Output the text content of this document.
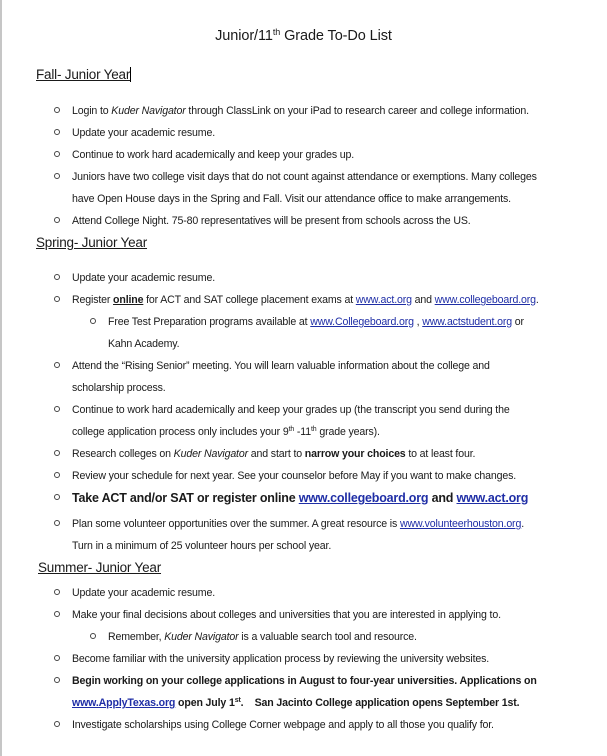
Junior/11th Grade To-Do List
Fall- Junior Year
Login to Kuder Navigator through ClassLink on your iPad to research career and college information.
Update your academic resume.
Continue to work hard academically and keep your grades up.
Juniors have two college visit days that do not count against attendance or exemptions. Many colleges
have Open House days in the Spring and Fall. Visit our attendance office to make arrangements.
Attend College Night. 75-80 representatives will be present from schools across the US.
Spring- Junior Year
Update your academic resume.
Register online for ACT and SAT college placement exams at www.act.org and www.collegeboard.org.
Free Test Preparation programs available at www.Collegeboard.org , www.actstudent.org or
Kahn Academy.
Attend the “Rising Senior” meeting. You will learn valuable information about the college and
scholarship process.
Continue to work hard academically and keep your grades up (the transcript you send during the
college application process only includes your 9th -11th grade years).
Research colleges on Kuder Navigator and start to narrow your choices to at least four.
Review your schedule for next year. See your counselor before May if you want to make changes.
Take ACT and/or SAT or register online www.collegeboard.org and www.act.org
Plan some volunteer opportunities over the summer. A great resource is www.volunteerhouston.org.
Turn in a minimum of 25 volunteer hours per school year.
Summer- Junior Year
Update your academic resume.
Make your final decisions about colleges and universities that you are interested in applying to.
Remember, Kuder Navigator is a valuable search tool and resource.
Become familiar with the university application process by reviewing the university websites.
Begin working on your college applications in August to four-year universities. Applications on
www.ApplyTexas.org open July 1st.    San Jacinto College application opens September 1st.
Investigate scholarships using College Corner webpage and apply to all those you qualify for.
